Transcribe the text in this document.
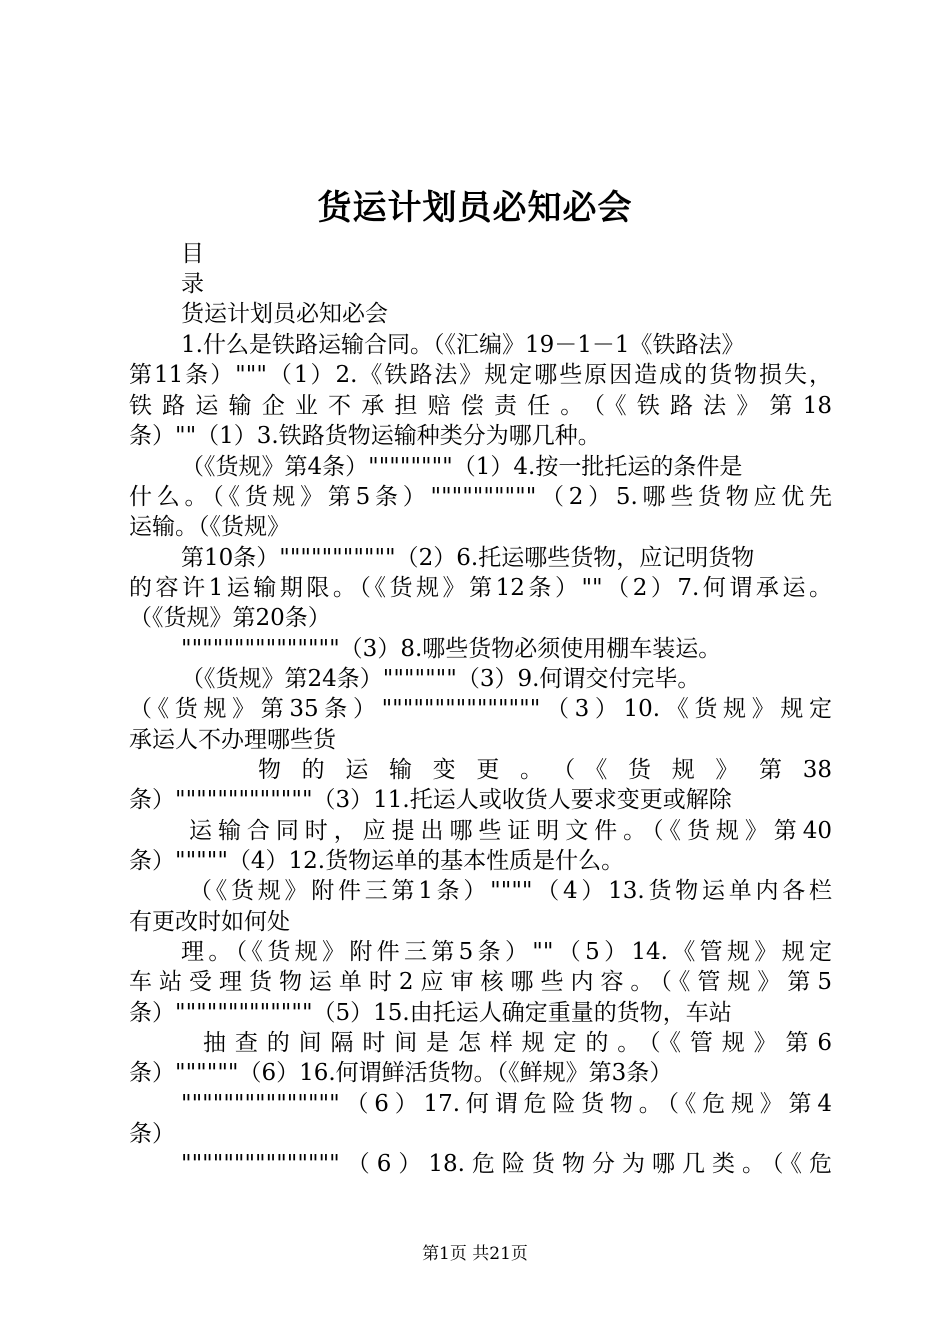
货运计划员必知必会
目
录
货运计划员必知必会
1.什么是铁路运输合同。（《汇编》19－1－1《铁路法》
第11条）"""（1）2.《铁路法》规定哪些原因造成的货物损失，
铁路运输企业不承担赔偿责任。（《铁路法》第18
条）""（1）3.铁路货物运输种类分为哪几种。
（《货规》第4条）""""""""（1）4.按一批托运的条件是
什么。（《货规》第5条）""""""""""（2）5.哪些货物应优先
运输。（《货规》
第10条）"""""""""""（2）6.托运哪些货物，应记明货物
的容许1运输期限。（《货规》第12条）""（2）7.何谓承运。
（《货规》第20条）
"""""""""""""""（3）8.哪些货物必须使用棚车装运。
（《货规》第24条）"""""""（3）9.何谓交付完毕。
（《货规》第35条）"""""""""""""""（3）10.《货规》规定
承运人不办理哪些货
物的运输变更。（《货规》第38
条）"""""""""""""（3）11.托运人或收货人要求变更或解除
运输合同时，应提出哪些证明文件。（《货规》第40
条）"""""（4）12.货物运单的基本性质是什么。
（《货规》附件三第1条）""""（4）13.货物运单内各栏
有更改时如何处
理。（《货规》附件三第5条）""（5）14.《管规》规定
车站受理货物运单时2应审核哪些内容。（《管规》第5
条）"""""""""""""（5）15.由托运人确定重量的货物，车站
抽查的间隔时间是怎样规定的。（《管规》第6
条）""""""（6）16.何谓鲜活货物。（《鲜规》第3条）
"""""""""""""""（6）17.何谓危险货物。（《危规》第4
条）
"""""""""""""""（6）18.危险货物分为哪几类。（《危
第1页 共21页
